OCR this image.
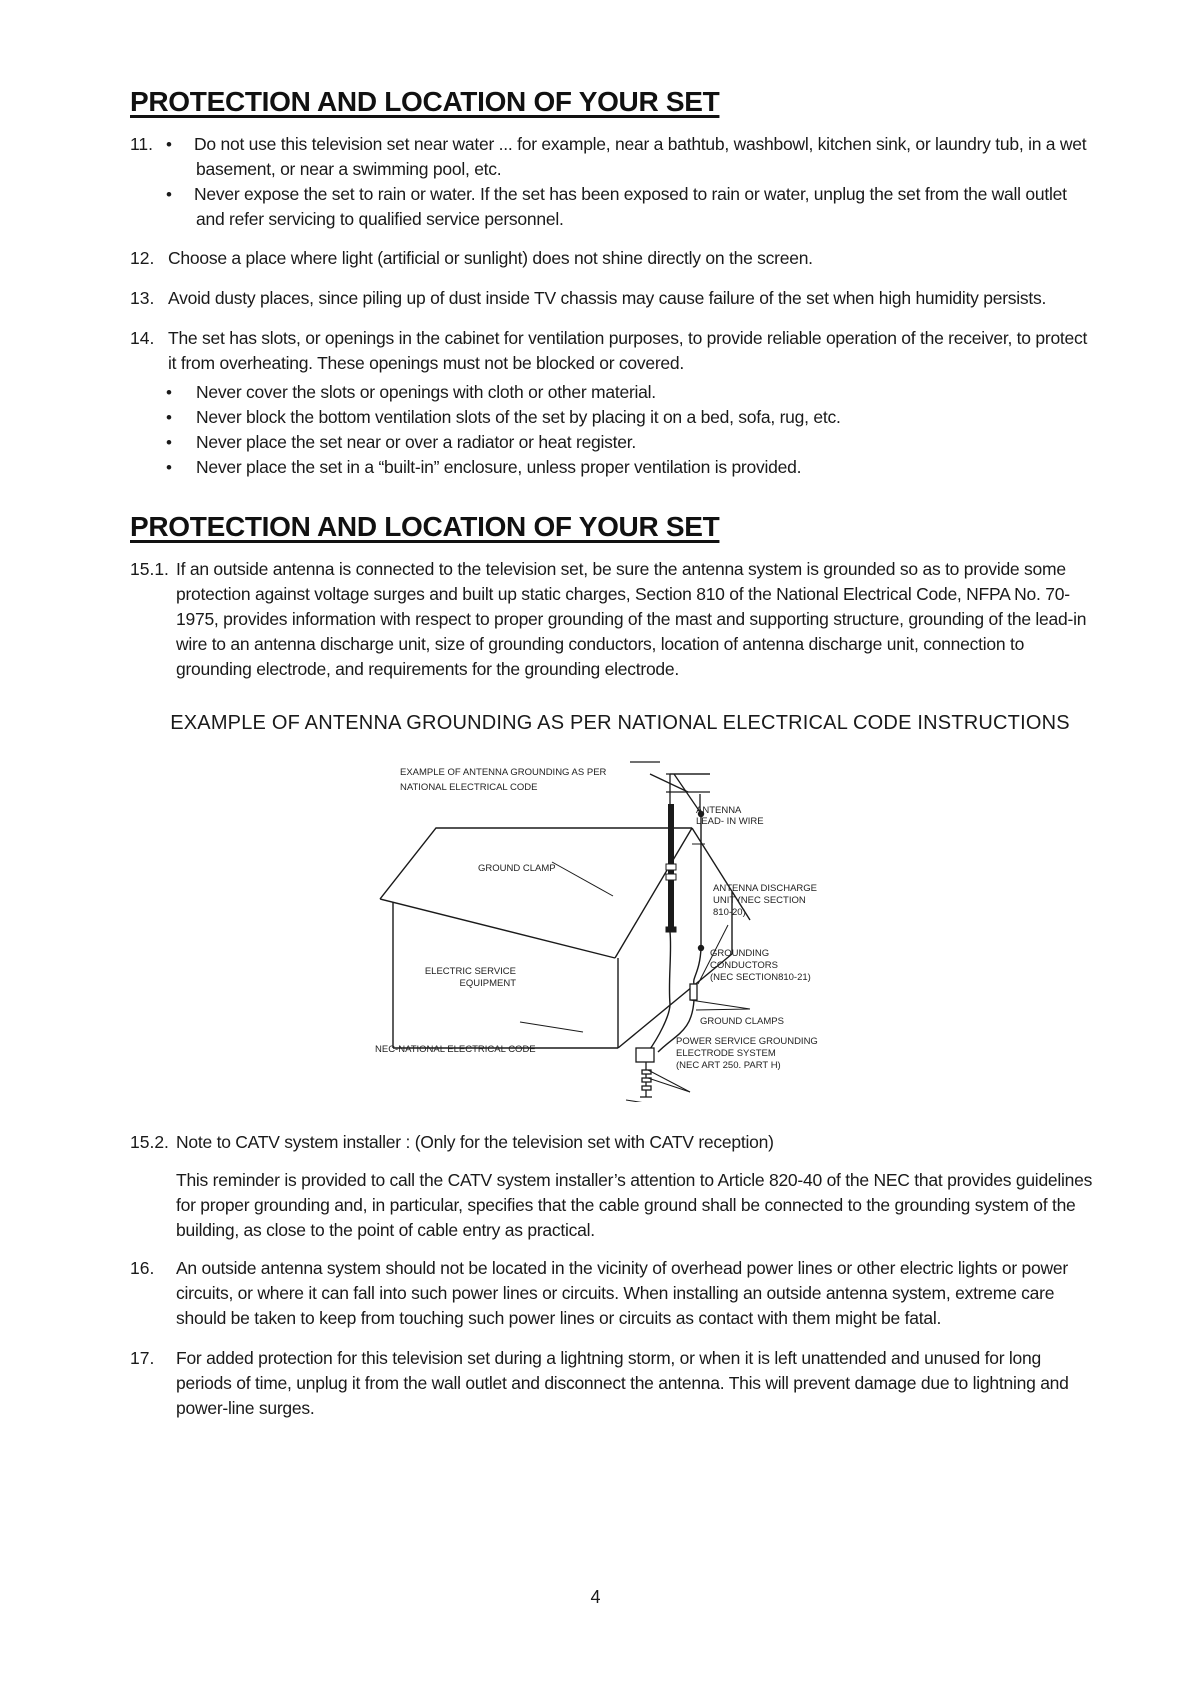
PROTECTION AND LOCATION OF YOUR SET
11. • Do not use this television set near water ... for example, near a bathtub, washbowl, kitchen sink, or laundry tub, in a wet basement, or near a swimming pool, etc.
• Never expose the set to rain or water. If the set has been exposed to rain or water, unplug the set from the wall outlet and refer servicing to qualified service personnel.
12. Choose a place where light (artificial or sunlight) does not shine directly on the screen.
13. Avoid dusty places, since piling up of dust inside TV chassis may cause failure of the set when high humidity persists.
14. The set has slots, or openings in the cabinet for ventilation purposes, to provide reliable operation of the receiver, to protect it from overheating. These openings must not be blocked or covered.
• Never cover the slots or openings with cloth or other material.
• Never block the bottom ventilation slots of the set by placing it on a bed, sofa, rug, etc.
• Never place the set near or over a radiator or heat register.
• Never place the set in a “built-in” enclosure, unless proper ventilation is provided.
PROTECTION AND LOCATION OF YOUR SET
15.1. If an outside antenna is connected to the television set, be sure the antenna system is grounded so as to provide some protection against voltage surges and built up static charges, Section 810 of the National Electrical Code, NFPA No. 70-1975, provides information with respect to proper grounding of the mast and supporting structure, grounding of the lead-in wire to an antenna discharge unit, size of grounding conductors, location of antenna discharge unit, connection to grounding electrode, and requirements for the grounding electrode.
EXAMPLE OF ANTENNA GROUNDING AS PER NATIONAL ELECTRICAL CODE INSTRUCTIONS
EXAMPLE OF ANTENNA GROUNDING AS PER
NATIONAL ELECTRICAL CODE
ANTENNA
LEAD- IN WIRE
GROUND CLAMP
ANTENNA DISCHARGE
UNIT (NEC SECTION
810-20)
GROUNDING
CONDUCTORS
(NEC SECTION810-21)
ELECTRIC SERVICE
EQUIPMENT
GROUND CLAMPS
NEC-NATIONAL ELECTRICAL CODE
POWER SERVICE GROUNDING
ELECTRODE SYSTEM
(NEC ART 250. PART H)
15.2. Note to CATV system installer : (Only for the television set with CATV reception)
This reminder is provided to call the CATV system installer’s attention to Article 820-40 of the NEC that provides guidelines for proper grounding and, in particular, specifies that the cable ground shall be connected to the grounding system of the building, as close to the point of cable entry as practical.
16. An outside antenna system should not be located in the vicinity of overhead power lines or other electric lights or power circuits, or where it can fall into such power lines or circuits. When installing an outside antenna system, extreme care should be taken to keep from touching such power lines or circuits as contact with them might be fatal.
17. For added protection for this television set during a lightning storm, or when it is left unattended and unused for long periods of time, unplug it from the wall outlet and disconnect the antenna. This will prevent damage due to lightning and power-line surges.
4
